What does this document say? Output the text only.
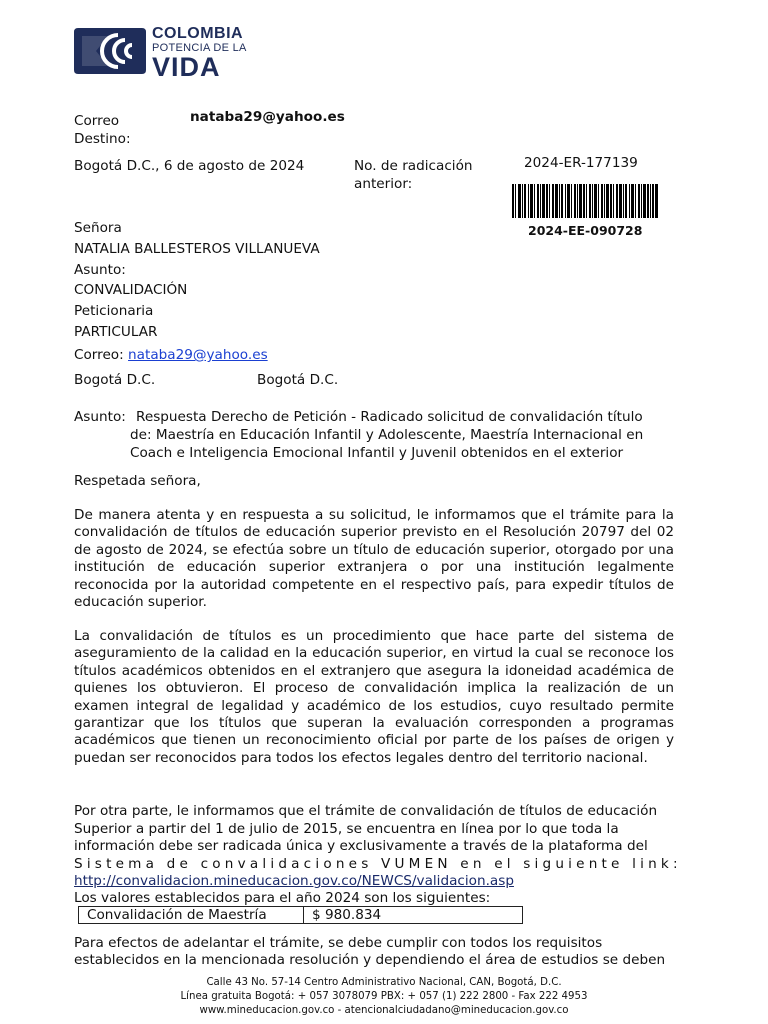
COLOMBIA
POTENCIA DE LA
VIDA
Correo
Destino:
nataba29@yahoo.es
Bogotá D.C., 6 de agosto de 2024	No. de radicación
anterior:
2024-ER-177139
2024-EE-090728
Señora
NATALIA BALLESTEROS VILLANUEVA
Asunto:
CONVALIDACIÓN
Peticionaria
PARTICULAR
Correo: nataba29@yahoo.es
Bogotá D.C.	Bogotá D.C.
Asunto: Respuesta Derecho de Petición - Radicado solicitud de convalidación título
de: Maestría en Educación Infantil y Adolescente, Maestría Internacional en
Coach e Inteligencia Emocional Infantil y Juvenil obtenidos en el exterior
Respetada señora,
De manera atenta y en respuesta a su solicitud, le informamos que el trámite para la convalidación de títulos de educación superior previsto en el Resolución 20797 del 02 de agosto de 2024, se efectúa sobre un título de educación superior, otorgado por una institución de educación superior extranjera o por una institución legalmente reconocida por la autoridad competente en el respectivo país, para expedir títulos de educación superior.
La convalidación de títulos es un procedimiento que hace parte del sistema de aseguramiento de la calidad en la educación superior, en virtud la cual se reconoce los títulos académicos obtenidos en el extranjero que asegura la idoneidad académica de quienes los obtuvieron. El proceso de convalidación implica la realización de un examen integral de legalidad y académico de los estudios, cuyo resultado permite garantizar que los títulos que superan la evaluación corresponden a programas académicos que tienen un reconocimiento oficial por parte de los países de origen y puedan ser reconocidos para todos los efectos legales dentro del territorio nacional.
Por otra parte, le informamos que el trámite de convalidación de títulos de educación
Superior a partir del 1 de julio de 2015, se encuentra en línea por lo que toda la
información debe ser radicada única y exclusivamente a través de la plataforma del
Sistema de convalidaciones VUMEN en el siguiente link:
http://convalidacion.mineducacion.gov.co/NEWCS/validacion.asp
Los valores establecidos para el año 2024 son los siguientes:
Convalidación de Maestría	$ 980.834
Para efectos de adelantar el trámite, se debe cumplir con todos los requisitos
establecidos en la mencionada resolución y dependiendo el área de estudios se deben
Calle 43 No. 57-14 Centro Administrativo Nacional, CAN, Bogotá, D.C.
Línea gratuita Bogotá: + 057 3078079 PBX: + 057 (1) 222 2800 - Fax 222 4953
www.mineducacion.gov.co - atencionalciudadano@mineducacion.gov.co
